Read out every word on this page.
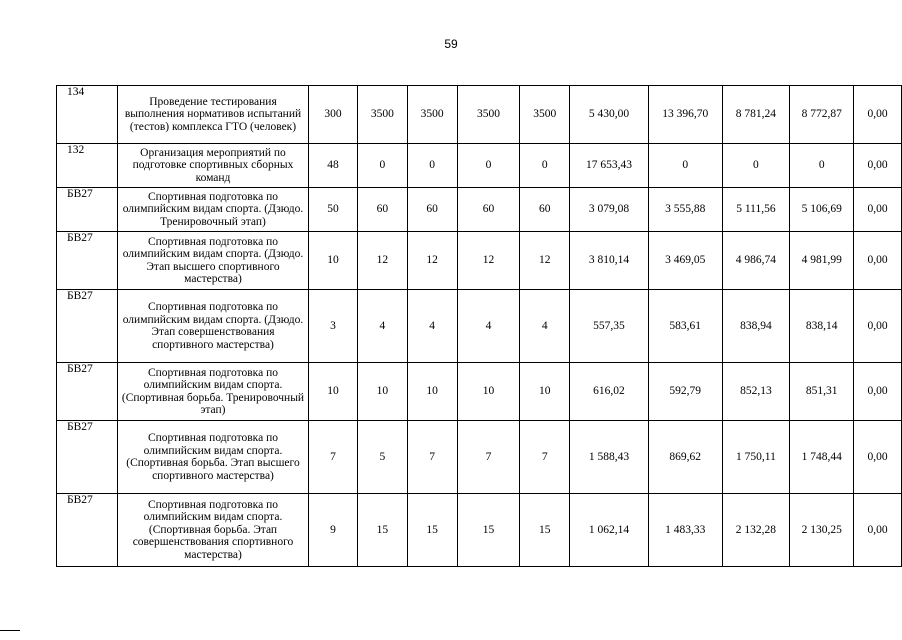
59
134	Проведение тестирования выполнения нормативов испытаний (тестов) комплекса ГТО (человек)	300	3500	3500	3500	3500	5 430,00	13 396,70	8 781,24	8 772,87	0,00
132	Организация мероприятий по подготовке спортивных сборных команд	48	0	0	0	0	17 653,43	0	0	0	0,00
БВ27	Спортивная подготовка по олимпийским видам спорта. (Дзюдо. Тренировочный этап)	50	60	60	60	60	3 079,08	3 555,88	5 111,56	5 106,69	0,00
БВ27	Спортивная подготовка по олимпийским видам спорта. (Дзюдо. Этап высшего спортивного мастерства)	10	12	12	12	12	3 810,14	3 469,05	4 986,74	4 981,99	0,00
БВ27	Спортивная подготовка по олимпийским видам спорта. (Дзюдо. Этап совершенствования спортивного мастерства)	3	4	4	4	4	557,35	583,61	838,94	838,14	0,00
БВ27	Спортивная подготовка по олимпийским видам спорта. (Спортивная борьба. Тренировочный этап)	10	10	10	10	10	616,02	592,79	852,13	851,31	0,00
БВ27	Спортивная подготовка по олимпийским видам спорта. (Спортивная борьба. Этап высшего спортивного мастерства)	7	5	7	7	7	1 588,43	869,62	1 750,11	1 748,44	0,00
БВ27	Спортивная подготовка по олимпийским видам спорта. (Спортивная борьба. Этап совершенствования спортивного мастерства)	9	15	15	15	15	1 062,14	1 483,33	2 132,28	2 130,25	0,00
